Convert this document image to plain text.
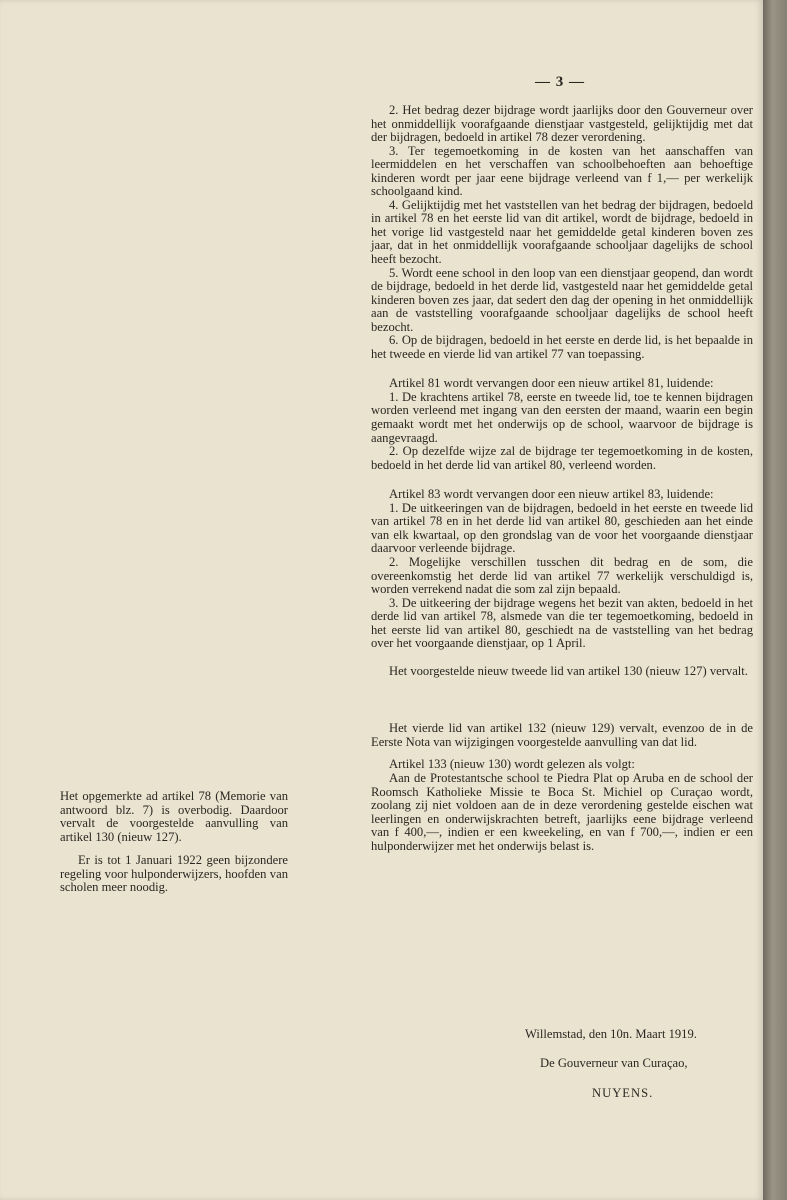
— 3 —

2. Het bedrag dezer bijdrage wordt jaarlijks door den Gouverneur over het onmiddellijk voorafgaande dienstjaar vastgesteld, gelijktijdig met dat der bijdragen, bedoeld in artikel 78 dezer verordening.

3. Ter tegemoetkoming in de kosten van het aanschaffen van leermiddelen en het verschaffen van schoolbehoeften aan behoeftige kinderen wordt per jaar eene bijdrage verleend van f 1,— per werkelijk schoolgaand kind.

4. Gelijktijdig met het vaststellen van het bedrag der bijdragen, bedoeld in artikel 78 en het eerste lid van dit artikel, wordt de bijdrage, bedoeld in het vorige lid vastgesteld naar het gemiddelde getal kinderen boven zes jaar, dat in het onmiddellijk voorafgaande schooljaar dagelijks de school heeft bezocht.

5. Wordt eene school in den loop van een dienstjaar geopend, dan wordt de bijdrage, bedoeld in het derde lid, vastgesteld naar het gemiddelde getal kinderen boven zes jaar, dat sedert den dag der opening in het onmiddellijk aan de vaststelling voorafgaande schooljaar dagelijks de school heeft bezocht.

6. Op de bijdragen, bedoeld in het eerste en derde lid, is het bepaalde in het tweede en vierde lid van artikel 77 van toepassing.

Artikel 81 wordt vervangen door een nieuw artikel 81, luidende:

1. De krachtens artikel 78, eerste en tweede lid, toe te kennen bijdragen worden verleend met ingang van den eersten der maand, waarin een begin gemaakt wordt met het onderwijs op de school, waarvoor de bijdrage is aangevraagd.

2. Op dezelfde wijze zal de bijdrage ter tegemoetkoming in de kosten, bedoeld in het derde lid van artikel 80, verleend worden.

Artikel 83 wordt vervangen door een nieuw artikel 83, luidende:

1. De uitkeeringen van de bijdragen, bedoeld in het eerste en tweede lid van artikel 78 en in het derde lid van artikel 80, geschieden aan het einde van elk kwartaal, op den grondslag van de voor het voorgaande dienstjaar daarvoor verleende bijdrage.

2. Mogelijke verschillen tusschen dit bedrag en de som, die overeenkomstig het derde lid van artikel 77 werkelijk verschuldigd is, worden verrekend nadat die som zal zijn bepaald.

3. De uitkeering der bijdrage wegens het bezit van akten, bedoeld in het derde lid van artikel 78, alsmede van die ter tegemoetkoming, bedoeld in het eerste lid van artikel 80, geschiedt na de vaststelling van het bedrag over het voorgaande dienstjaar, op 1 April.

Het voorgestelde nieuw tweede lid van artikel 130 (nieuw 127) vervalt.

Het vierde lid van artikel 132 (nieuw 129) vervalt, evenzoo de in de Eerste Nota van wijzigingen voorgestelde aanvulling van dat lid.

Artikel 133 (nieuw 130) wordt gelezen als volgt:

Aan de Protestantsche school te Piedra Plat op Aruba en de school der Roomsch Katholieke Missie te Boca St. Michiel op Curaçao wordt, zoolang zij niet voldoen aan de in deze verordening gestelde eischen wat leerlingen en onderwijskrachten betreft, jaarlijks eene bijdrage verleend van f 400,—, indien er een kweekeling, en van f 700,—, indien er een hulponderwijzer met het onderwijs belast is.

Het opgemerkte ad artikel 78 (Memorie van antwoord blz. 7) is overbodig. Daardoor vervalt de voorgestelde aanvulling van artikel 130 (nieuw 127).

Er is tot 1 Januari 1922 geen bijzondere regeling voor hulponderwijzers, hoofden van scholen meer noodig.

Willemstad, den 10n. Maart 1919.
De Gouverneur van Curaçao,
NUYENS.
